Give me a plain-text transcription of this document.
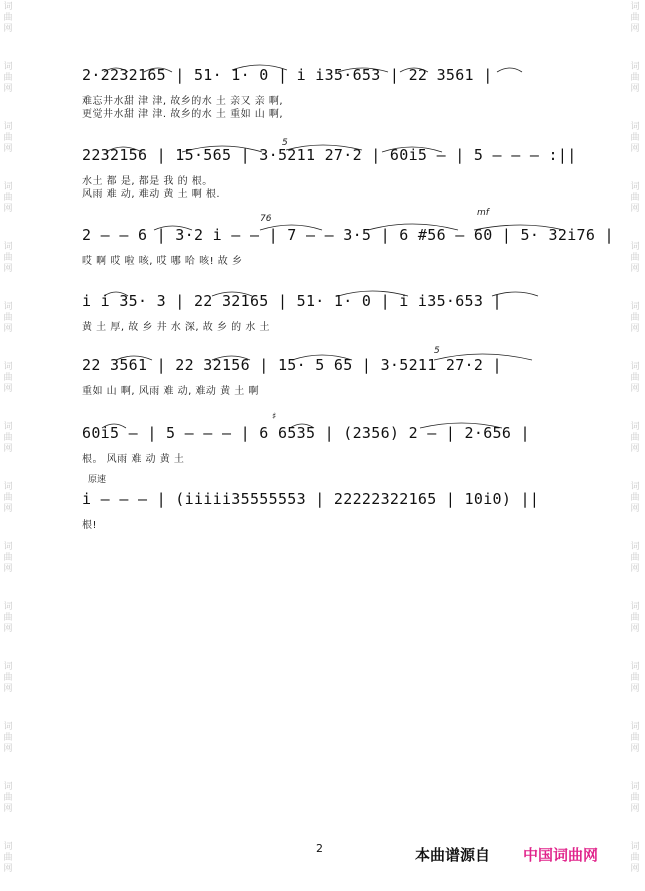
词
曲
网
词
曲
网
词
曲
网
词
曲
网
词
曲
网
词
曲
网
词
曲
网
词
曲
网
词
曲
网
词
曲
网
词
曲
网
词
曲
网
词
曲
网
词
曲
网
词
曲
网
词
曲
网
词
曲
网
词
曲
网
词
曲
网
词
曲
网
词
曲
网
词
曲
网
词
曲
网
词
曲
网
词
曲
网
词
曲
网
词
曲
网
词
曲
网
词
曲
网
词
曲
网
2·2232165 | 51· 1· 0 | i i35·653 | 22 3561 |
难忘井水甜 津 津, 故乡的水 土 亲又 亲 啊,
更觉井水甜 津 津. 故乡的水 土 重如 山 啊,
5
2232156 | 15·565 | 3·5211 27·2 | 60i5 – | 5 – – – :||
水土 都 是, 都是 我 的 根。
风雨 难 动, 难动 黄 土 啊 根.
76
mf
2 – – 6 | 3·2 i – – | 7 – – 3·5 | 6 #56 – 60 | 5· 32i76 |
哎 啊 哎 啦 咳, 哎 哪 哈 咳! 故 乡
i i 35· 3 | 22 32165 | 51· 1· 0 | i i35·653 |
黄 土 厚, 故 乡 井 水 深, 故 乡 的 水 土
5
22 3561 | 22 32156 | 15· 5 65 | 3·5211 27·2 |
重如 山 啊, 风雨 难 动, 难动 黄 土 啊
♯
60i5 – | 5 – – – | 6 6535 | (2356) 2 – | 2·656 |
根。 风雨 难 动 黄 土
原速
i – – – | (iiiii35555553 | 22222322165 | 10i0) ||
根!
2	本曲谱源自 中国词曲网
